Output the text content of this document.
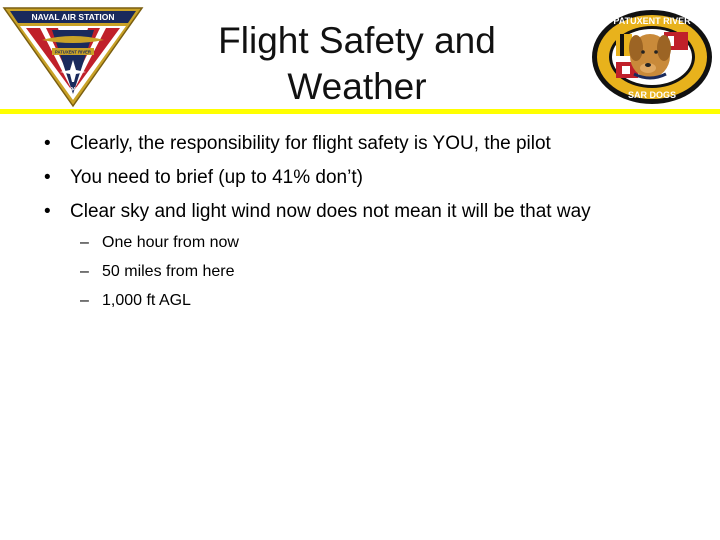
PATUXENT RIVER
1943
NAVAL AIR STATION
Flight Safety and
Weather
PATUXENT RIVER
SAR DOGS
• Clearly, the responsibility for flight safety is YOU, the pilot
• You need to brief (up to 41% don’t)
• Clear sky and light wind now does not mean it will be that way
– One hour from now
– 50 miles from here
– 1,000 ft AGL
